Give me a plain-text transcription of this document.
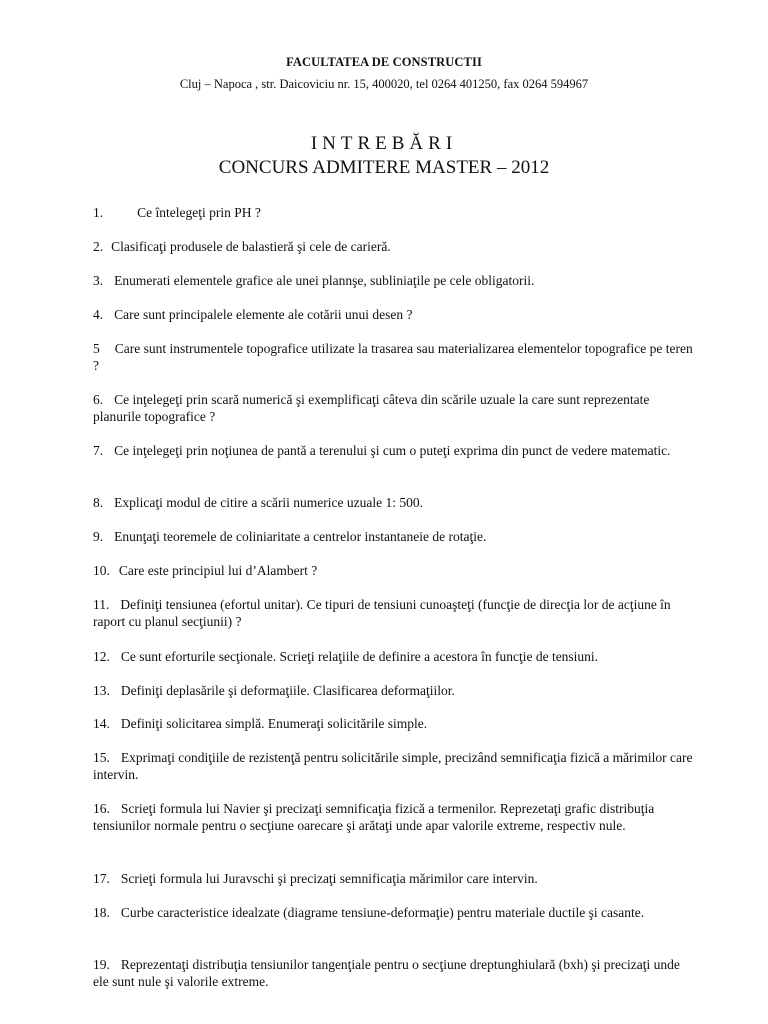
FACULTATEA DE CONSTRUCTII
Cluj – Napoca , str. Daicoviciu nr. 15, 400020, tel 0264 401250, fax 0264 594967
INTREBĂRI
CONCURS ADMITERE MASTER – 2012
1.	Ce întelegeţi prin PH ?
2. Clasificaţi produsele de balastieră şi cele de carieră.
3. Enumerati elementele grafice ale unei plannşe, subliniaţile pe cele obligatorii.
4. Care sunt principalele elemente ale cotării unui desen ?
5 Care sunt instrumentele topografice utilizate la trasarea sau materializarea elementelor topografice pe teren ?
6. Ce inţelegeţi prin scară numerică şi exemplificaţi câteva din scările uzuale la care sunt reprezentate planurile topografice ?
7. Ce inţelegeţi prin noţiunea de pantă a terenului şi cum o puteţi exprima din punct de vedere matematic.
8. Explicaţi modul de citire a scării numerice uzuale 1: 500.
9. Enunţaţi teoremele de coliniaritate a centrelor instantaneie de rotaţie.
10. Care este principiul lui d’Alambert ?
11. Definiţi tensiunea (efortul unitar). Ce tipuri de tensiuni cunoaşteţi (funcţie de direcţia lor de acţiune în raport cu planul secţiunii) ?
12. Ce sunt eforturile secţionale. Scrieţi relaţiile de definire a acestora în funcţie de tensiuni.
13. Definiţi deplasările şi deformaţiile. Clasificarea deformaţiilor.
14. Definiţi solicitarea simplă. Enumeraţi solicitările simple.
15. Exprimaţi condiţiile de rezistenţă pentru solicitările simple, precizând semnificaţia fizică a mărimilor care intervin.
16. Scrieţi formula lui Navier şi precizaţi semnificaţia fizică a termenilor. Reprezetaţi grafic distribuţia tensiunilor normale pentru o secţiune oarecare şi arătaţi unde apar valorile extreme, respectiv nule.
17. Scrieţi formula lui Juravschi şi precizaţi semnificaţia mărimilor care intervin.
18. Curbe caracteristice idealzate (diagrame tensiune-deformaţie) pentru materiale ductile şi casante.
19. Reprezentaţi distribuţia tensiunilor tangenţiale pentru o secţiune dreptunghiulară (bxh) şi precizaţi unde ele sunt nule şi valorile extreme.
